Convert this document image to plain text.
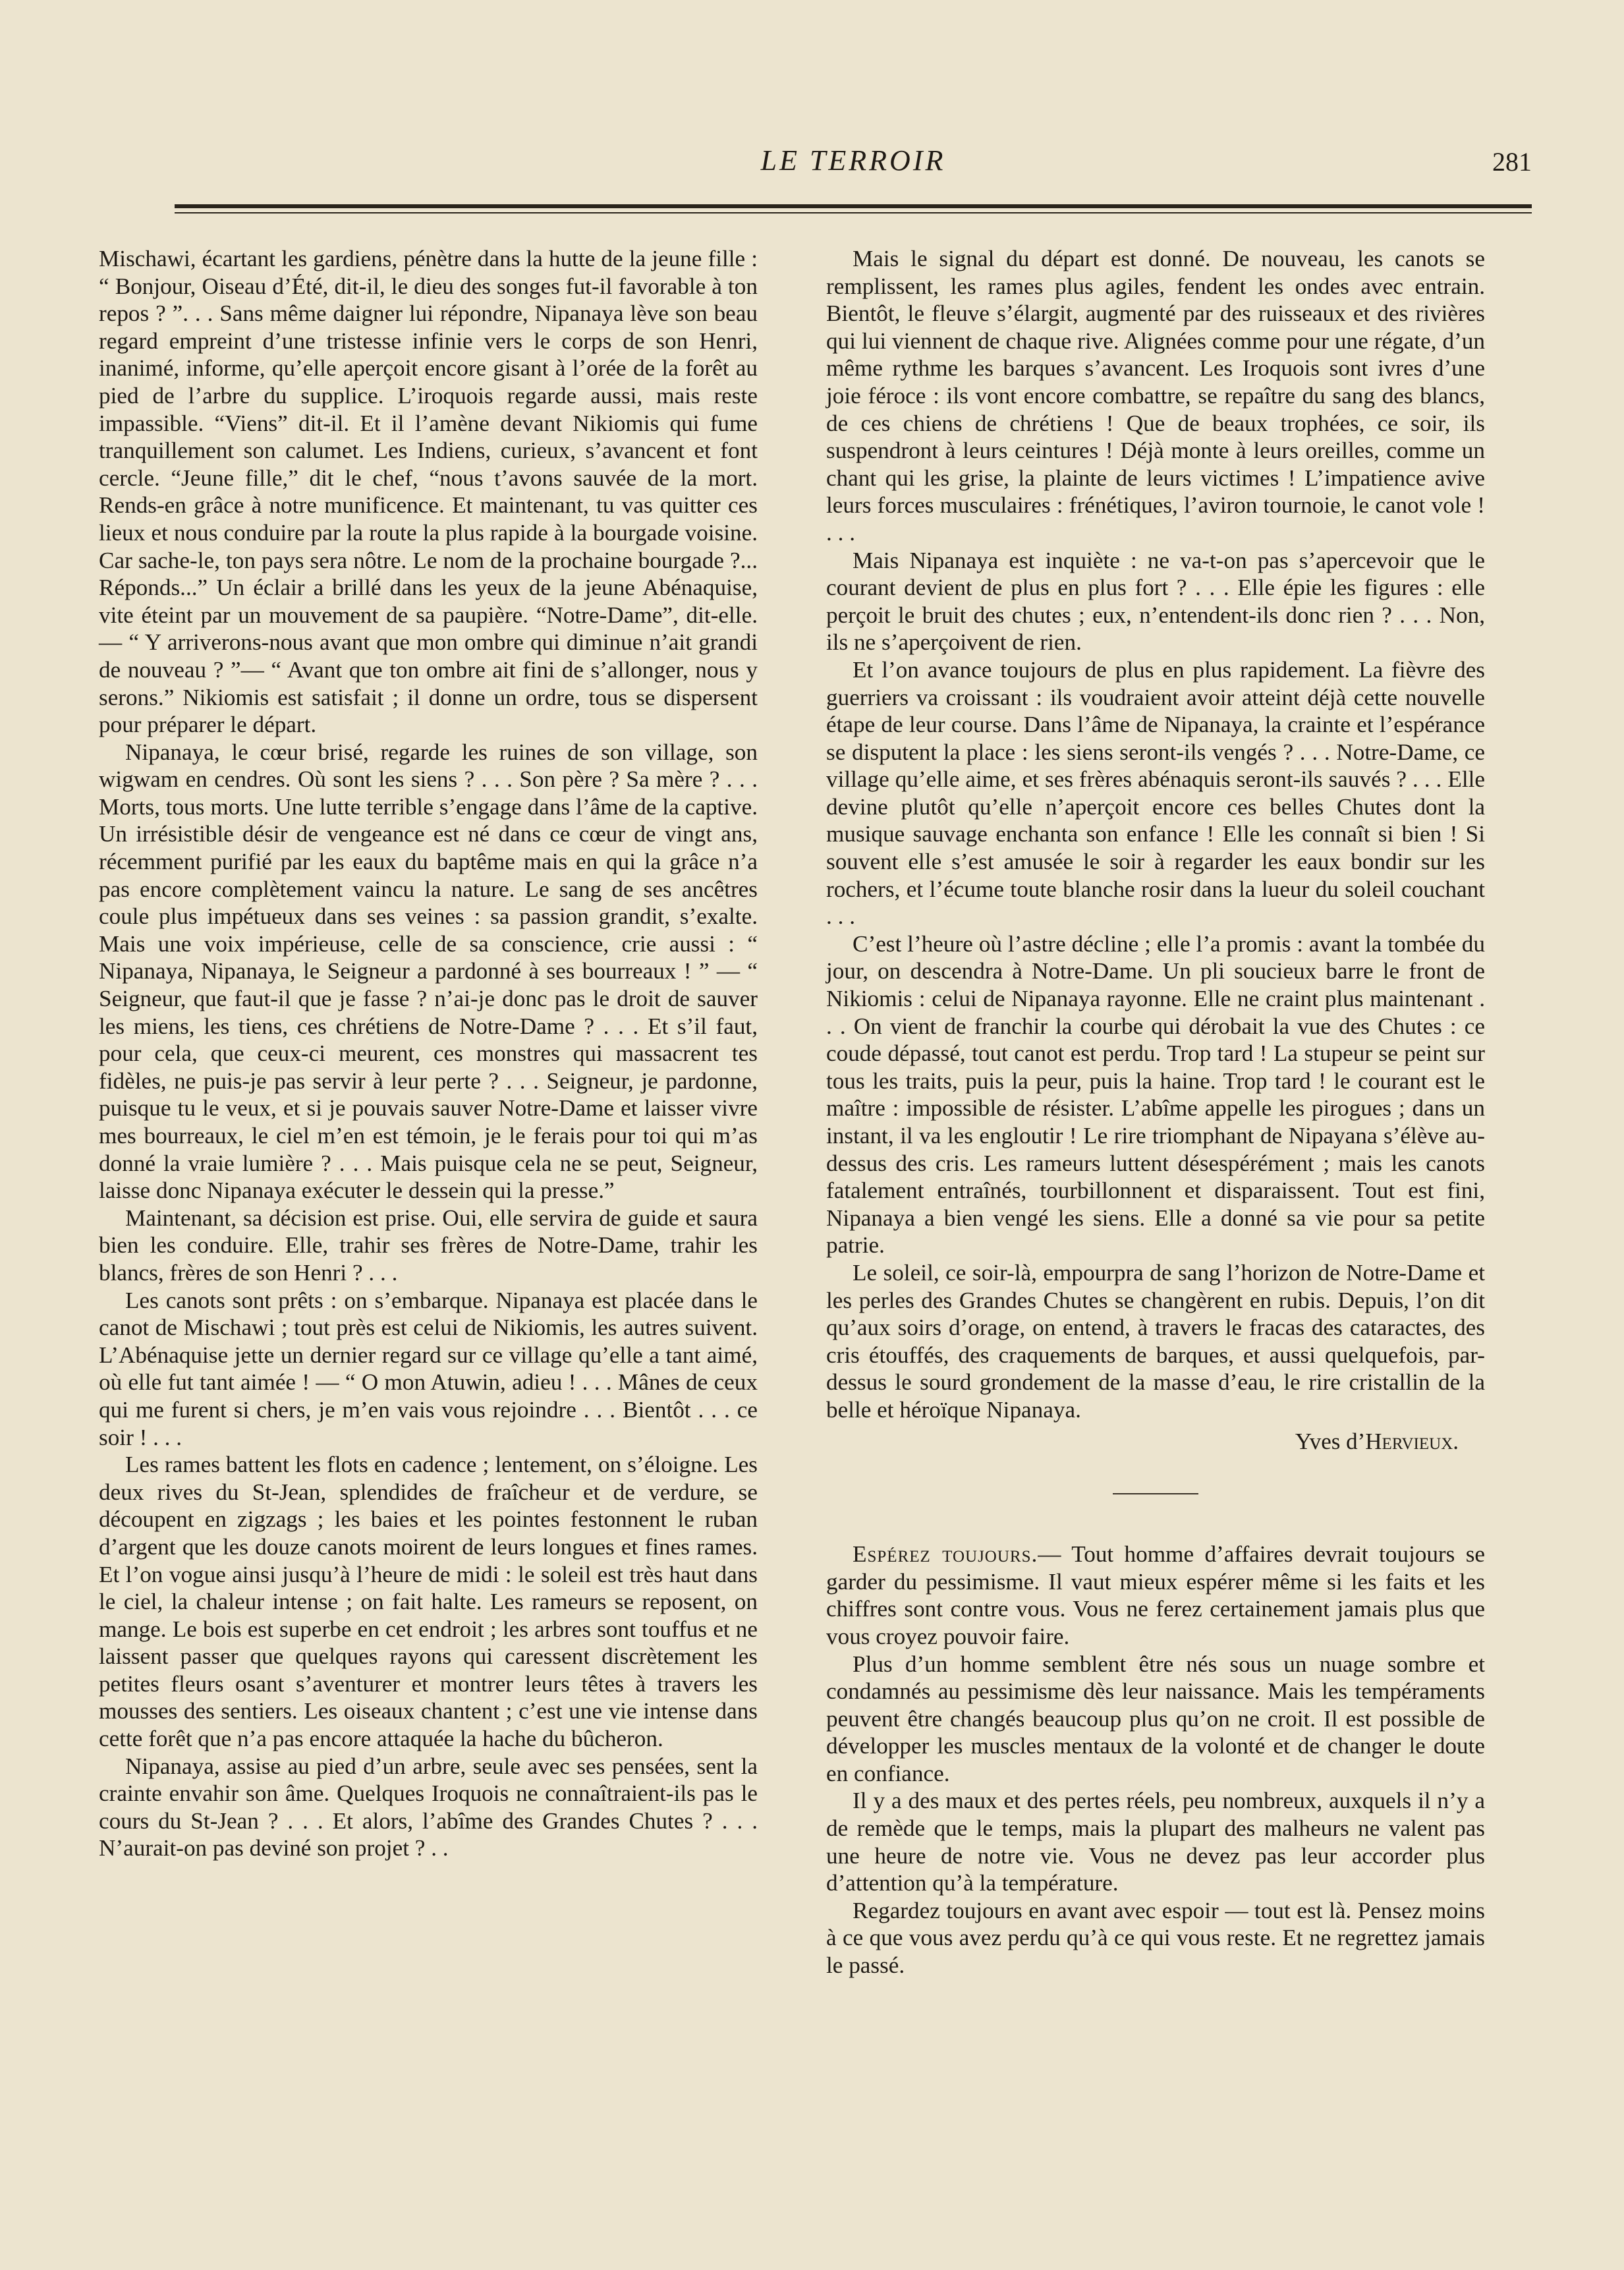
LE TERROIR	281

Mischawi, écartant les gardiens, pénètre dans la hutte de la jeune fille : “ Bonjour, Oiseau d’Été, dit-il, le dieu des songes fut-il favorable à ton repos ? ”. . . Sans même daigner lui répondre, Nipanaya lève son beau regard empreint d’une tristesse infinie vers le corps de son Henri, inanimé, informe, qu’elle aperçoit encore gisant à l’orée de la forêt au pied de l’arbre du supplice. L’iroquois regarde aussi, mais reste impassible. “Viens” dit-il. Et il l’amène devant Nikiomis qui fume tranquillement son calumet. Les Indiens, curieux, s’avancent et font cercle. “Jeune fille,” dit le chef, “nous t’avons sauvée de la mort. Rends-en grâce à notre munificence. Et maintenant, tu vas quitter ces lieux et nous conduire par la route la plus rapide à la bourgade voisine. Car sache-le, ton pays sera nôtre. Le nom de la prochaine bourgade ?... Réponds...” Un éclair a brillé dans les yeux de la jeune Abénaquise, vite éteint par un mouvement de sa paupière. “Notre-Dame”, dit-elle.— “ Y arriverons-nous avant que mon ombre qui diminue n’ait grandi de nouveau ? ”— “ Avant que ton ombre ait fini de s’allonger, nous y serons.” Nikiomis est satisfait ; il donne un ordre, tous se dispersent pour préparer le départ.

Nipanaya, le cœur brisé, regarde les ruines de son village, son wigwam en cendres. Où sont les siens ? . . . Son père ? Sa mère ? . . . Morts, tous morts. Une lutte terrible s’engage dans l’âme de la captive. Un irrésistible désir de vengeance est né dans ce cœur de vingt ans, récemment purifié par les eaux du baptême mais en qui la grâce n’a pas encore complètement vaincu la nature. Le sang de ses ancêtres coule plus impétueux dans ses veines : sa passion grandit, s’exalte. Mais une voix impérieuse, celle de sa conscience, crie aussi : “ Nipanaya, Nipanaya, le Seigneur a pardonné à ses bourreaux ! ” — “ Seigneur, que faut-il que je fasse ? n’ai-je donc pas le droit de sauver les miens, les tiens, ces chrétiens de Notre-Dame ? . . . Et s’il faut, pour cela, que ceux-ci meurent, ces monstres qui massacrent tes fidèles, ne puis-je pas servir à leur perte ? . . . Seigneur, je pardonne, puisque tu le veux, et si je pouvais sauver Notre-Dame et laisser vivre mes bourreaux, le ciel m’en est témoin, je le ferais pour toi qui m’as donné la vraie lumière ? . . . Mais puisque cela ne se peut, Seigneur, laisse donc Nipanaya exécuter le dessein qui la presse.”

Maintenant, sa décision est prise. Oui, elle servira de guide et saura bien les conduire. Elle, trahir ses frères de Notre-Dame, trahir les blancs, frères de son Henri ? . . .

Les canots sont prêts : on s’embarque. Nipanaya est placée dans le canot de Mischawi ; tout près est celui de Nikiomis, les autres suivent. L’Abénaquise jette un dernier regard sur ce village qu’elle a tant aimé, où elle fut tant aimée ! — “ O mon Atuwin, adieu ! . . . Mânes de ceux qui me furent si chers, je m’en vais vous rejoindre . . . Bientôt . . . ce soir ! . . .

Les rames battent les flots en cadence ; lentement, on s’éloigne. Les deux rives du St-Jean, splendides de fraîcheur et de verdure, se découpent en zigzags ; les baies et les pointes festonnent le ruban d’argent que les douze canots moirent de leurs longues et fines rames. Et l’on vogue ainsi jusqu’à l’heure de midi : le soleil est très haut dans le ciel, la chaleur intense ; on fait halte. Les rameurs se reposent, on mange. Le bois est superbe en cet endroit ; les arbres sont touffus et ne laissent passer que quelques rayons qui caressent discrètement les petites fleurs osant s’aventurer et montrer leurs têtes à travers les mousses des sentiers. Les oiseaux chantent ; c’est une vie intense dans cette forêt que n’a pas encore attaquée la hache du bûcheron.

Nipanaya, assise au pied d’un arbre, seule avec ses pensées, sent la crainte envahir son âme. Quelques Iroquois ne connaîtraient-ils pas le cours du St-Jean ? . . . Et alors, l’abîme des Grandes Chutes ? . . . N’aurait-on pas deviné son projet ? . .

Mais le signal du départ est donné. De nouveau, les canots se remplissent, les rames plus agiles, fendent les ondes avec entrain. Bientôt, le fleuve s’élargit, augmenté par des ruisseaux et des rivières qui lui viennent de chaque rive. Alignées comme pour une régate, d’un même rythme les barques s’avancent. Les Iroquois sont ivres d’une joie féroce : ils vont encore combattre, se repaître du sang des blancs, de ces chiens de chrétiens ! Que de beaux trophées, ce soir, ils suspendront à leurs ceintures ! Déjà monte à leurs oreilles, comme un chant qui les grise, la plainte de leurs victimes ! L’impatience avive leurs forces musculaires : frénétiques, l’aviron tournoie, le canot vole ! . . .

Mais Nipanaya est inquiète : ne va-t-on pas s’apercevoir que le courant devient de plus en plus fort ? . . . Elle épie les figures : elle perçoit le bruit des chutes ; eux, n’entendent-ils donc rien ? . . . Non, ils ne s’aperçoivent de rien.

Et l’on avance toujours de plus en plus rapidement. La fièvre des guerriers va croissant : ils voudraient avoir atteint déjà cette nouvelle étape de leur course. Dans l’âme de Nipanaya, la crainte et l’espérance se disputent la place : les siens seront-ils vengés ? . . . Notre-Dame, ce village qu’elle aime, et ses frères abénaquis seront-ils sauvés ? . . . Elle devine plutôt qu’elle n’aperçoit encore ces belles Chutes dont la musique sauvage enchanta son enfance ! Elle les connaît si bien ! Si souvent elle s’est amusée le soir à regarder les eaux bondir sur les rochers, et l’écume toute blanche rosir dans la lueur du soleil couchant . . .

C’est l’heure où l’astre décline ; elle l’a promis : avant la tombée du jour, on descendra à Notre-Dame. Un pli soucieux barre le front de Nikiomis : celui de Nipanaya rayonne. Elle ne craint plus maintenant . . . On vient de franchir la courbe qui dérobait la vue des Chutes : ce coude dépassé, tout canot est perdu. Trop tard ! La stupeur se peint sur tous les traits, puis la peur, puis la haine. Trop tard ! le courant est le maître : impossible de résister. L’abîme appelle les pirogues ; dans un instant, il va les engloutir ! Le rire triomphant de Nipayana s’élève au-dessus des cris. Les rameurs luttent désespérément ; mais les canots fatalement entraînés, tourbillonnent et disparaissent. Tout est fini, Nipanaya a bien vengé les siens. Elle a donné sa vie pour sa petite patrie.

Le soleil, ce soir-là, empourpra de sang l’horizon de Notre-Dame et les perles des Grandes Chutes se changèrent en rubis. Depuis, l’on dit qu’aux soirs d’orage, on entend, à travers le fracas des cataractes, des cris étouffés, des craquements de barques, et aussi quelquefois, par-dessus le sourd grondement de la masse d’eau, le rire cristallin de la belle et héroïque Nipanaya.

Yves d’Hervieux.

Espérez toujours.— Tout homme d’affaires devrait toujours se garder du pessimisme. Il vaut mieux espérer même si les faits et les chiffres sont contre vous. Vous ne ferez certainement jamais plus que vous croyez pouvoir faire.

Plus d’un homme semblent être nés sous un nuage sombre et condamnés au pessimisme dès leur naissance. Mais les tempéraments peuvent être changés beaucoup plus qu’on ne croit. Il est possible de développer les muscles mentaux de la volonté et de changer le doute en confiance.

Il y a des maux et des pertes réels, peu nombreux, auxquels il n’y a de remède que le temps, mais la plupart des malheurs ne valent pas une heure de notre vie. Vous ne devez pas leur accorder plus d’attention qu’à la température.

Regardez toujours en avant avec espoir — tout est là. Pensez moins à ce que vous avez perdu qu’à ce qui vous reste. Et ne regrettez jamais le passé.
